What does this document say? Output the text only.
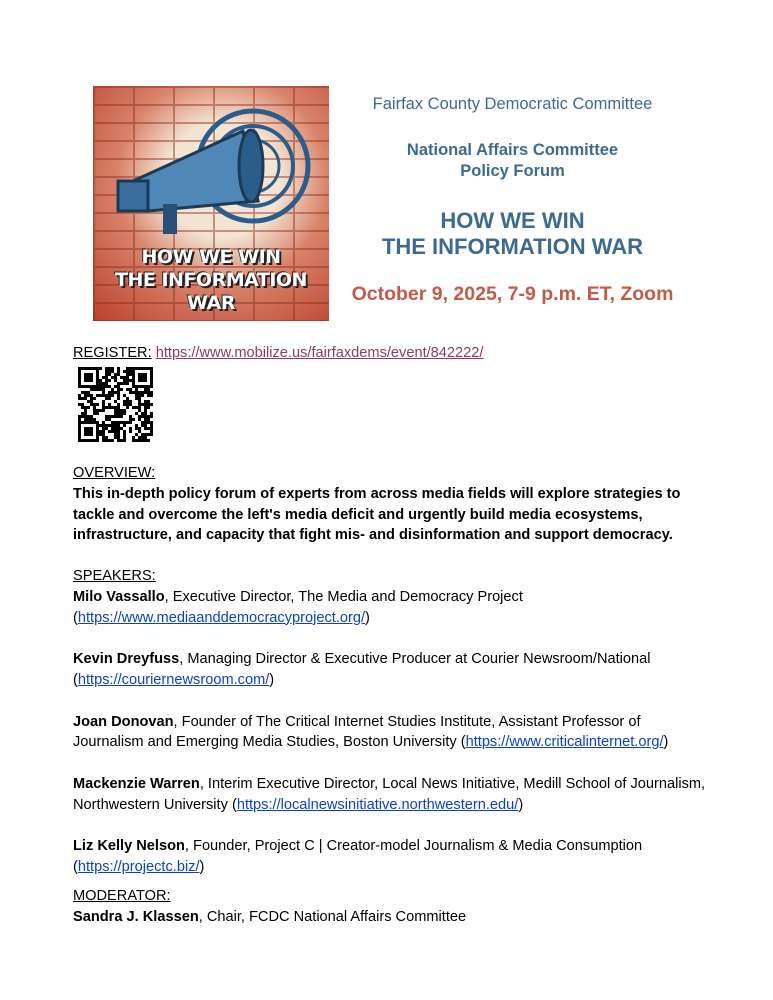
HOW WE WIN
THE INFORMATION WAR
Fairfax County Democratic Committee
National Affairs Committee
Policy Forum
HOW WE WIN
THE INFORMATION WAR
October 9, 2025, 7-9 p.m. ET, Zoom
REGISTER: https://www.mobilize.us/fairfaxdems/event/842222/
OVERVIEW:
This in-depth policy forum of experts from across media fields will explore strategies to tackle and overcome the left's media deficit and urgently build media ecosystems, infrastructure, and capacity that fight mis- and disinformation and support democracy.
SPEAKERS:
Milo Vassallo, Executive Director, The Media and Democracy Project
(https://www.mediaanddemocracyproject.org/)
Kevin Dreyfuss, Managing Director & Executive Producer at Courier Newsroom/National
(https://couriernewsroom.com/)
Joan Donovan, Founder of The Critical Internet Studies Institute, Assistant Professor of Journalism and Emerging Media Studies, Boston University (https://www.criticalinternet.org/)
Mackenzie Warren, Interim Executive Director, Local News Initiative, Medill School of Journalism, Northwestern University (https://localnewsinitiative.northwestern.edu/)
Liz Kelly Nelson, Founder, Project C | Creator-model Journalism & Media Consumption
(https://projectc.biz/)
MODERATOR:
Sandra J. Klassen, Chair, FCDC National Affairs Committee
